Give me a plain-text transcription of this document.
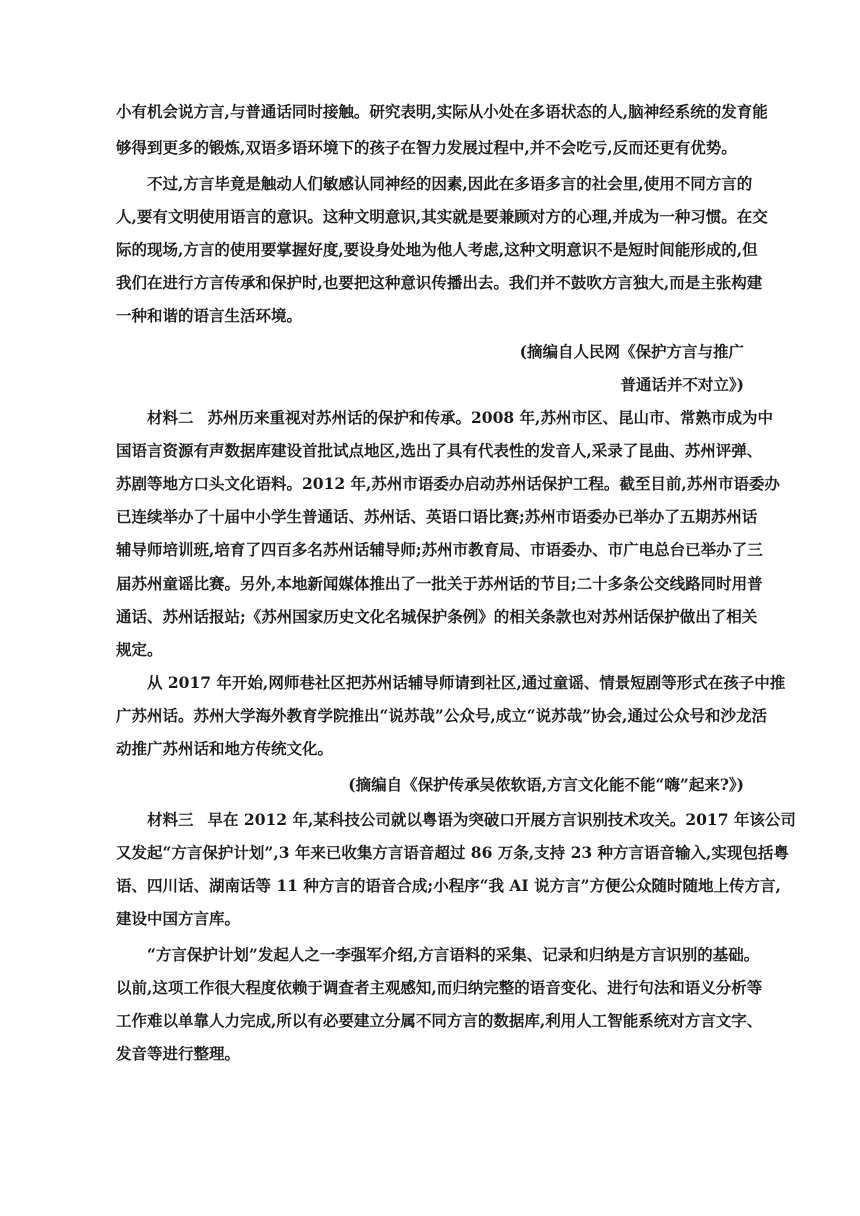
小有机会说方言,与普通话同时接触。研究表明,实际从小处在多语状态的人,脑神经系统的发育能
够得到更多的锻炼,双语多语环境下的孩子在智力发展过程中,并不会吃亏,反而还更有优势。
不过,方言毕竟是触动人们敏感认同神经的因素,因此在多语多言的社会里,使用不同方言的
人,要有文明使用语言的意识。这种文明意识,其实就是要兼顾对方的心理,并成为一种习惯。在交
际的现场,方言的使用要掌握好度,要设身处地为他人考虑,这种文明意识不是短时间能形成的,但
我们在进行方言传承和保护时,也要把这种意识传播出去。我们并不鼓吹方言独大,而是主张构建
一种和谐的语言生活环境。
(摘编自人民网《保护方言与推广
普通话并不对立》)
材料二 苏州历来重视对苏州话的保护和传承。2008 年,苏州市区、昆山市、常熟市成为中
国语言资源有声数据库建设首批试点地区,选出了具有代表性的发音人,采录了昆曲、苏州评弹、
苏剧等地方口头文化语料。2012 年,苏州市语委办启动苏州话保护工程。截至目前,苏州市语委办
已连续举办了十届中小学生普通话、苏州话、英语口语比赛;苏州市语委办已举办了五期苏州话
辅导师培训班,培育了四百多名苏州话辅导师;苏州市教育局、市语委办、市广电总台已举办了三
届苏州童谣比赛。另外,本地新闻媒体推出了一批关于苏州话的节目;二十多条公交线路同时用普
通话、苏州话报站;《苏州国家历史文化名城保护条例》的相关条款也对苏州话保护做出了相关
规定。
从 2017 年开始,网师巷社区把苏州话辅导师请到社区,通过童谣、情景短剧等形式在孩子中推
广苏州话。苏州大学海外教育学院推出“说苏哉”公众号,成立“说苏哉”协会,通过公众号和沙龙活
动推广苏州话和地方传统文化。
(摘编自《保护传承吴侬软语,方言文化能不能“嗨”起来?》)
材料三 早在 2012 年,某科技公司就以粤语为突破口开展方言识别技术攻关。2017 年该公司
又发起“方言保护计划”,3 年来已收集方言语音超过 86 万条,支持 23 种方言语音输入,实现包括粤
语、四川话、湖南话等 11 种方言的语音合成;小程序“我 AI 说方言”方便公众随时随地上传方言,
建设中国方言库。
“方言保护计划”发起人之一李强军介绍,方言语料的采集、记录和归纳是方言识别的基础。
以前,这项工作很大程度依赖于调查者主观感知,而归纳完整的语音变化、进行句法和语义分析等
工作难以单靠人力完成,所以有必要建立分属不同方言的数据库,利用人工智能系统对方言文字、
发音等进行整理。
